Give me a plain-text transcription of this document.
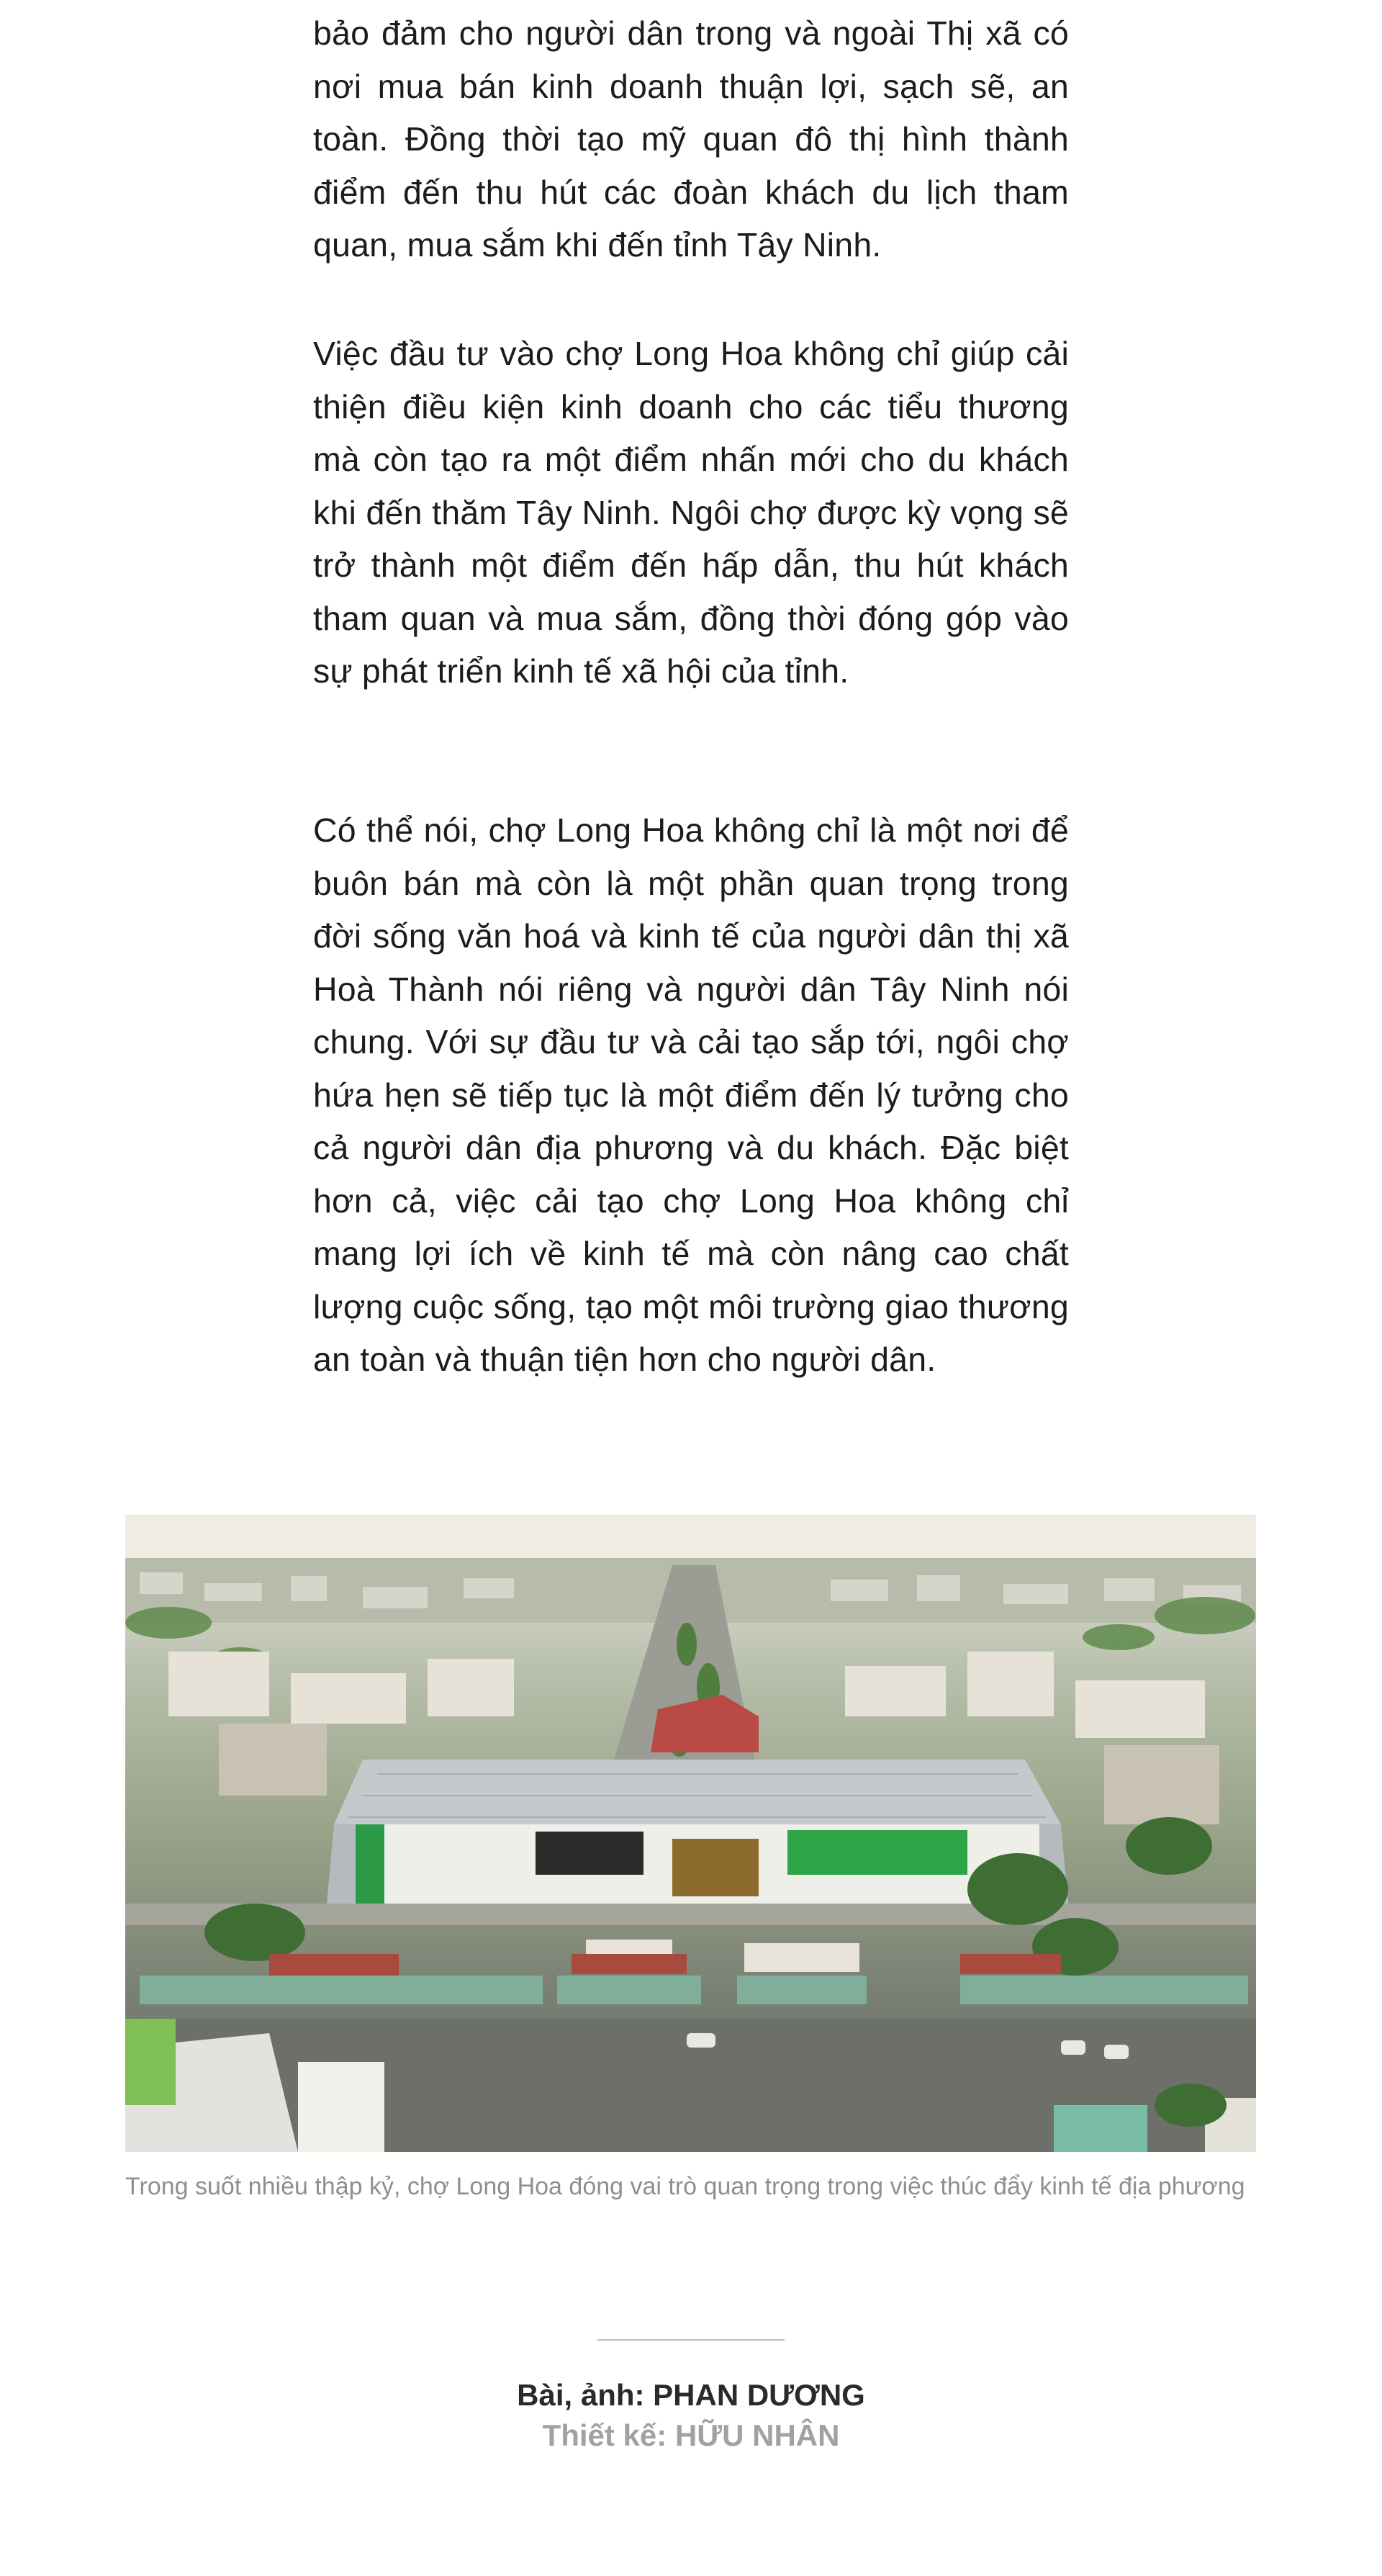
bảo đảm cho người dân trong và ngoài Thị xã có nơi mua bán kinh doanh thuận lợi, sạch sẽ, an toàn. Đồng thời tạo mỹ quan đô thị hình thành điểm đến thu hút các đoàn khách du lịch tham quan, mua sắm khi đến tỉnh Tây Ninh.

Việc đầu tư vào chợ Long Hoa không chỉ giúp cải thiện điều kiện kinh doanh cho các tiểu thương mà còn tạo ra một điểm nhấn mới cho du khách khi đến thăm Tây Ninh. Ngôi chợ được kỳ vọng sẽ trở thành một điểm đến hấp dẫn, thu hút khách tham quan và mua sắm, đồng thời đóng góp vào sự phát triển kinh tế xã hội của tỉnh.

Có thể nói, chợ Long Hoa không chỉ là một nơi để buôn bán mà còn là một phần quan trọng trong đời sống văn hoá và kinh tế của người dân thị xã Hoà Thành nói riêng và người dân Tây Ninh nói chung. Với sự đầu tư và cải tạo sắp tới, ngôi chợ hứa hẹn sẽ tiếp tục là một điểm đến lý tưởng cho cả người dân địa phương và du khách. Đặc biệt hơn cả, việc cải tạo chợ Long Hoa không chỉ mang lợi ích về kinh tế mà còn nâng cao chất lượng cuộc sống, tạo một môi trường giao thương an toàn và thuận tiện hơn cho người dân.

Trong suốt nhiều thập kỷ, chợ Long Hoa đóng vai trò quan trọng trong việc thúc đẩy kinh tế địa phương
Bài, ảnh: PHAN DƯƠNG
Thiết kế: HỮU NHÂN
